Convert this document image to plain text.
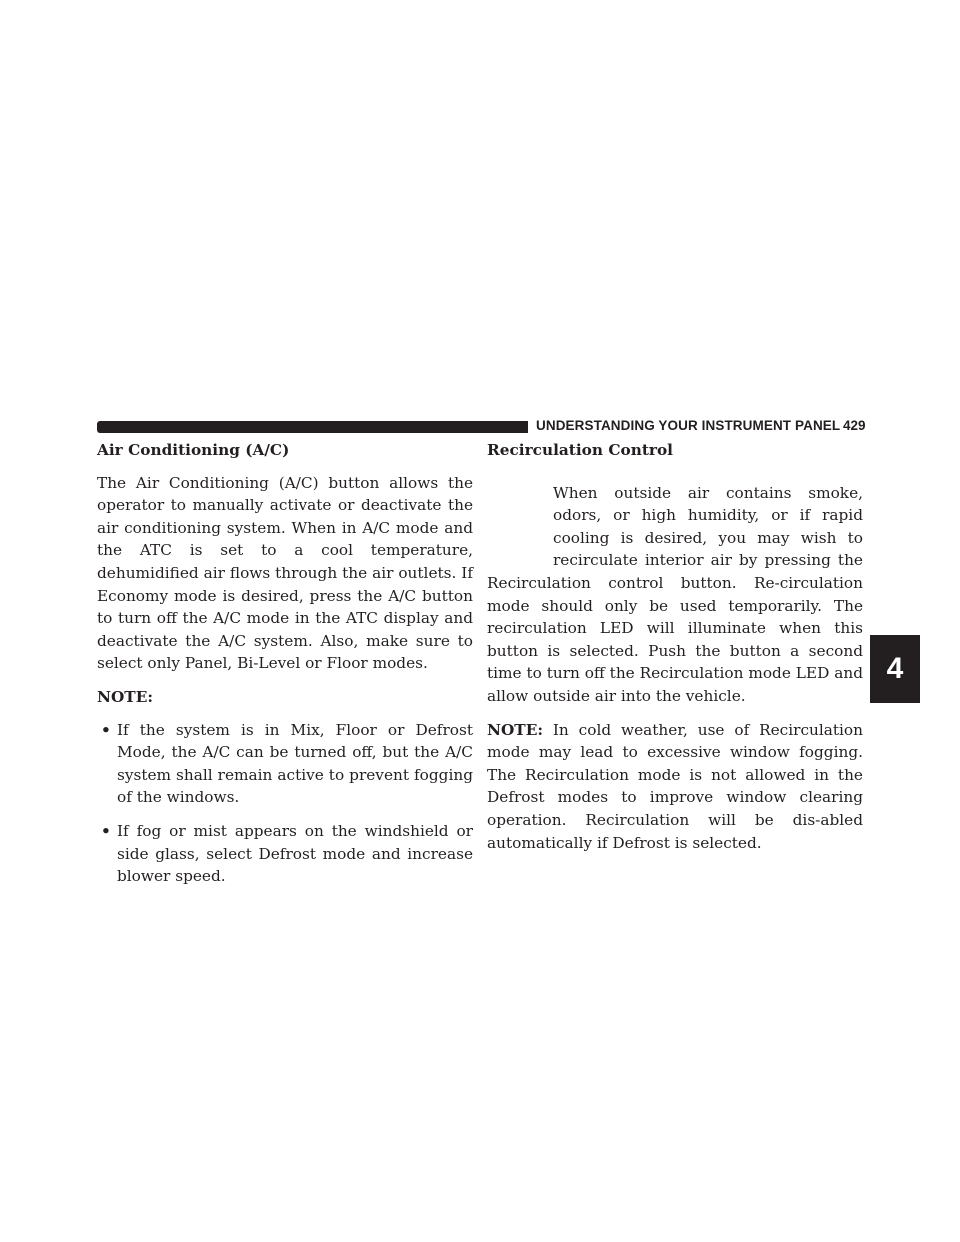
UNDERSTANDING YOUR INSTRUMENT PANEL 429
4
Air Conditioning (A/C)

The Air Conditioning (A/C) button allows the operator to manually activate or deactivate the air conditioning system. When in A/C mode and the ATC is set to a cool temperature, dehumidified air flows through the air outlets. If Economy mode is desired, press the A/C button to turn off the A/C mode in the ATC display and deactivate the A/C system. Also, make sure to select only Panel, Bi-Level or Floor modes.

NOTE:
• If the system is in Mix, Floor or Defrost Mode, the A/C can be turned off, but the A/C system shall remain active to prevent fogging of the windows.
• If fog or mist appears on the windshield or side glass, select Defrost mode and increase blower speed.
Recirculation Control

When outside air contains smoke, odors, or high humidity, or if rapid cooling is desired, you may wish to recirculate interior air by pressing the Recirculation control button. Re-circulation mode should only be used temporarily. The recirculation LED will illuminate when this button is selected. Push the button a second time to turn off the Recirculation mode LED and allow outside air into the vehicle.

NOTE: In cold weather, use of Recirculation mode may lead to excessive window fogging. The Recirculation mode is not allowed in the Defrost modes to improve window clearing operation. Recirculation will be dis-abled automatically if Defrost is selected.
